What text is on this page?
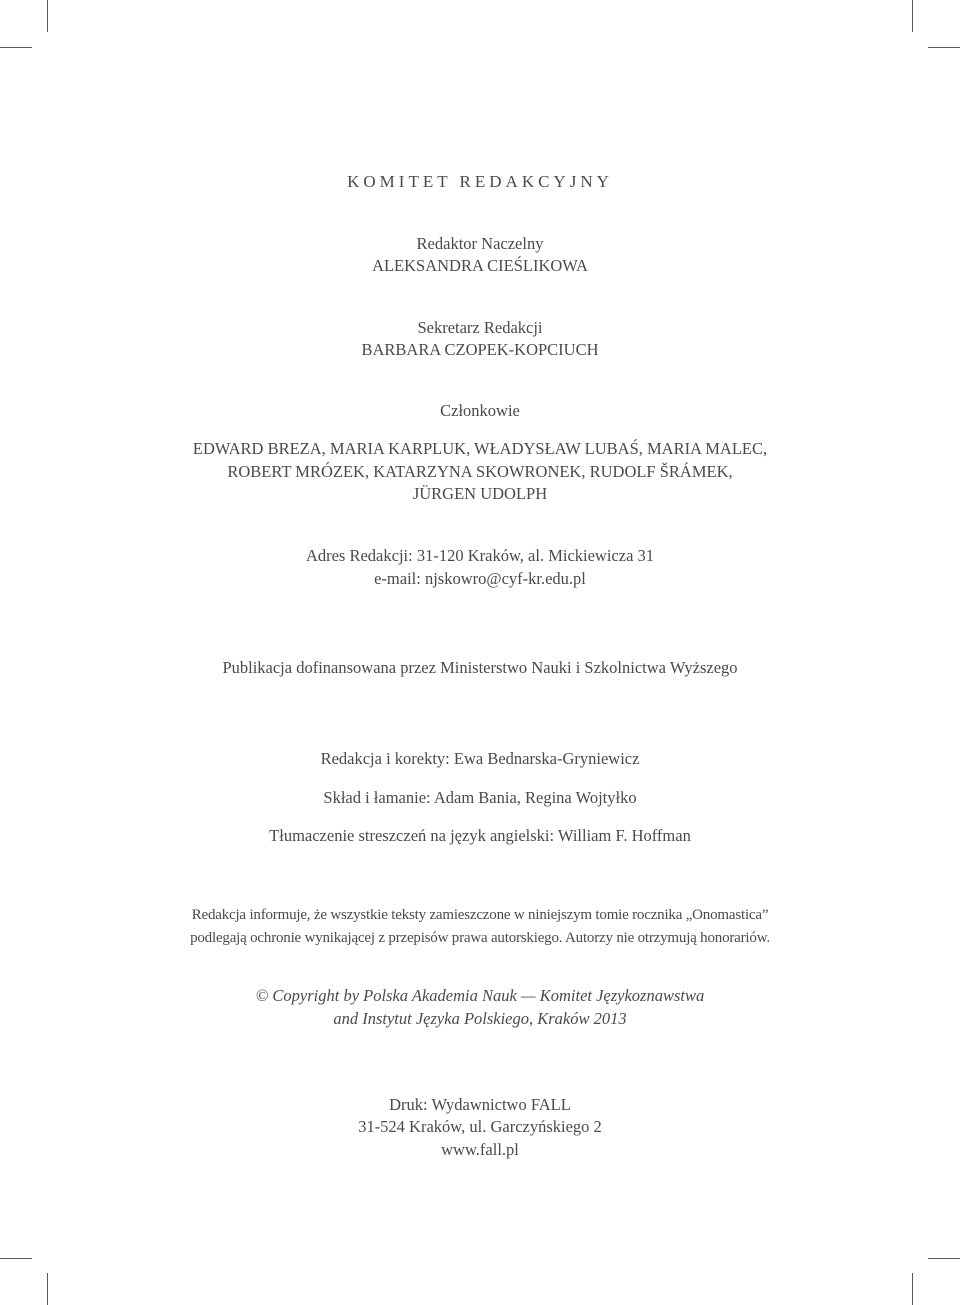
KOMITET REDAKCYJNY
Redaktor Naczelny
ALEKSANDRA CIEŚLIKOWA
Sekretarz Redakcji
BARBARA CZOPEK-KOPCIUCH
Członkowie
EDWARD BREZA, MARIA KARPLUK, WŁADYSŁAW LUBAŚ, MARIA MALEC,
ROBERT MRÓZEK, KATARZYNA SKOWRONEK, RUDOLF ŠRÁMEK,
JÜRGEN UDOLPH
Adres Redakcji: 31-120 Kraków, al. Mickiewicza 31
e-mail: njskowro@cyf-kr.edu.pl
Publikacja dofinansowana przez Ministerstwo Nauki i Szkolnictwa Wyższego
Redakcja i korekty: Ewa Bednarska-Gryniewicz
Skład i łamanie: Adam Bania, Regina Wojtyłko
Tłumaczenie streszczeń na język angielski: William F. Hoffman
Redakcja informuje, że wszystkie teksty zamieszczone w niniejszym tomie rocznika „Onomastica”
podlegają ochronie wynikającej z przepisów prawa autorskiego. Autorzy nie otrzymują honorariów.
© Copyright by Polska Akademia Nauk — Komitet Językoznawstwa
and Instytut Języka Polskiego, Kraków 2013
Druk: Wydawnictwo FALL
31-524 Kraków, ul. Garczyńskiego 2
www.fall.pl
